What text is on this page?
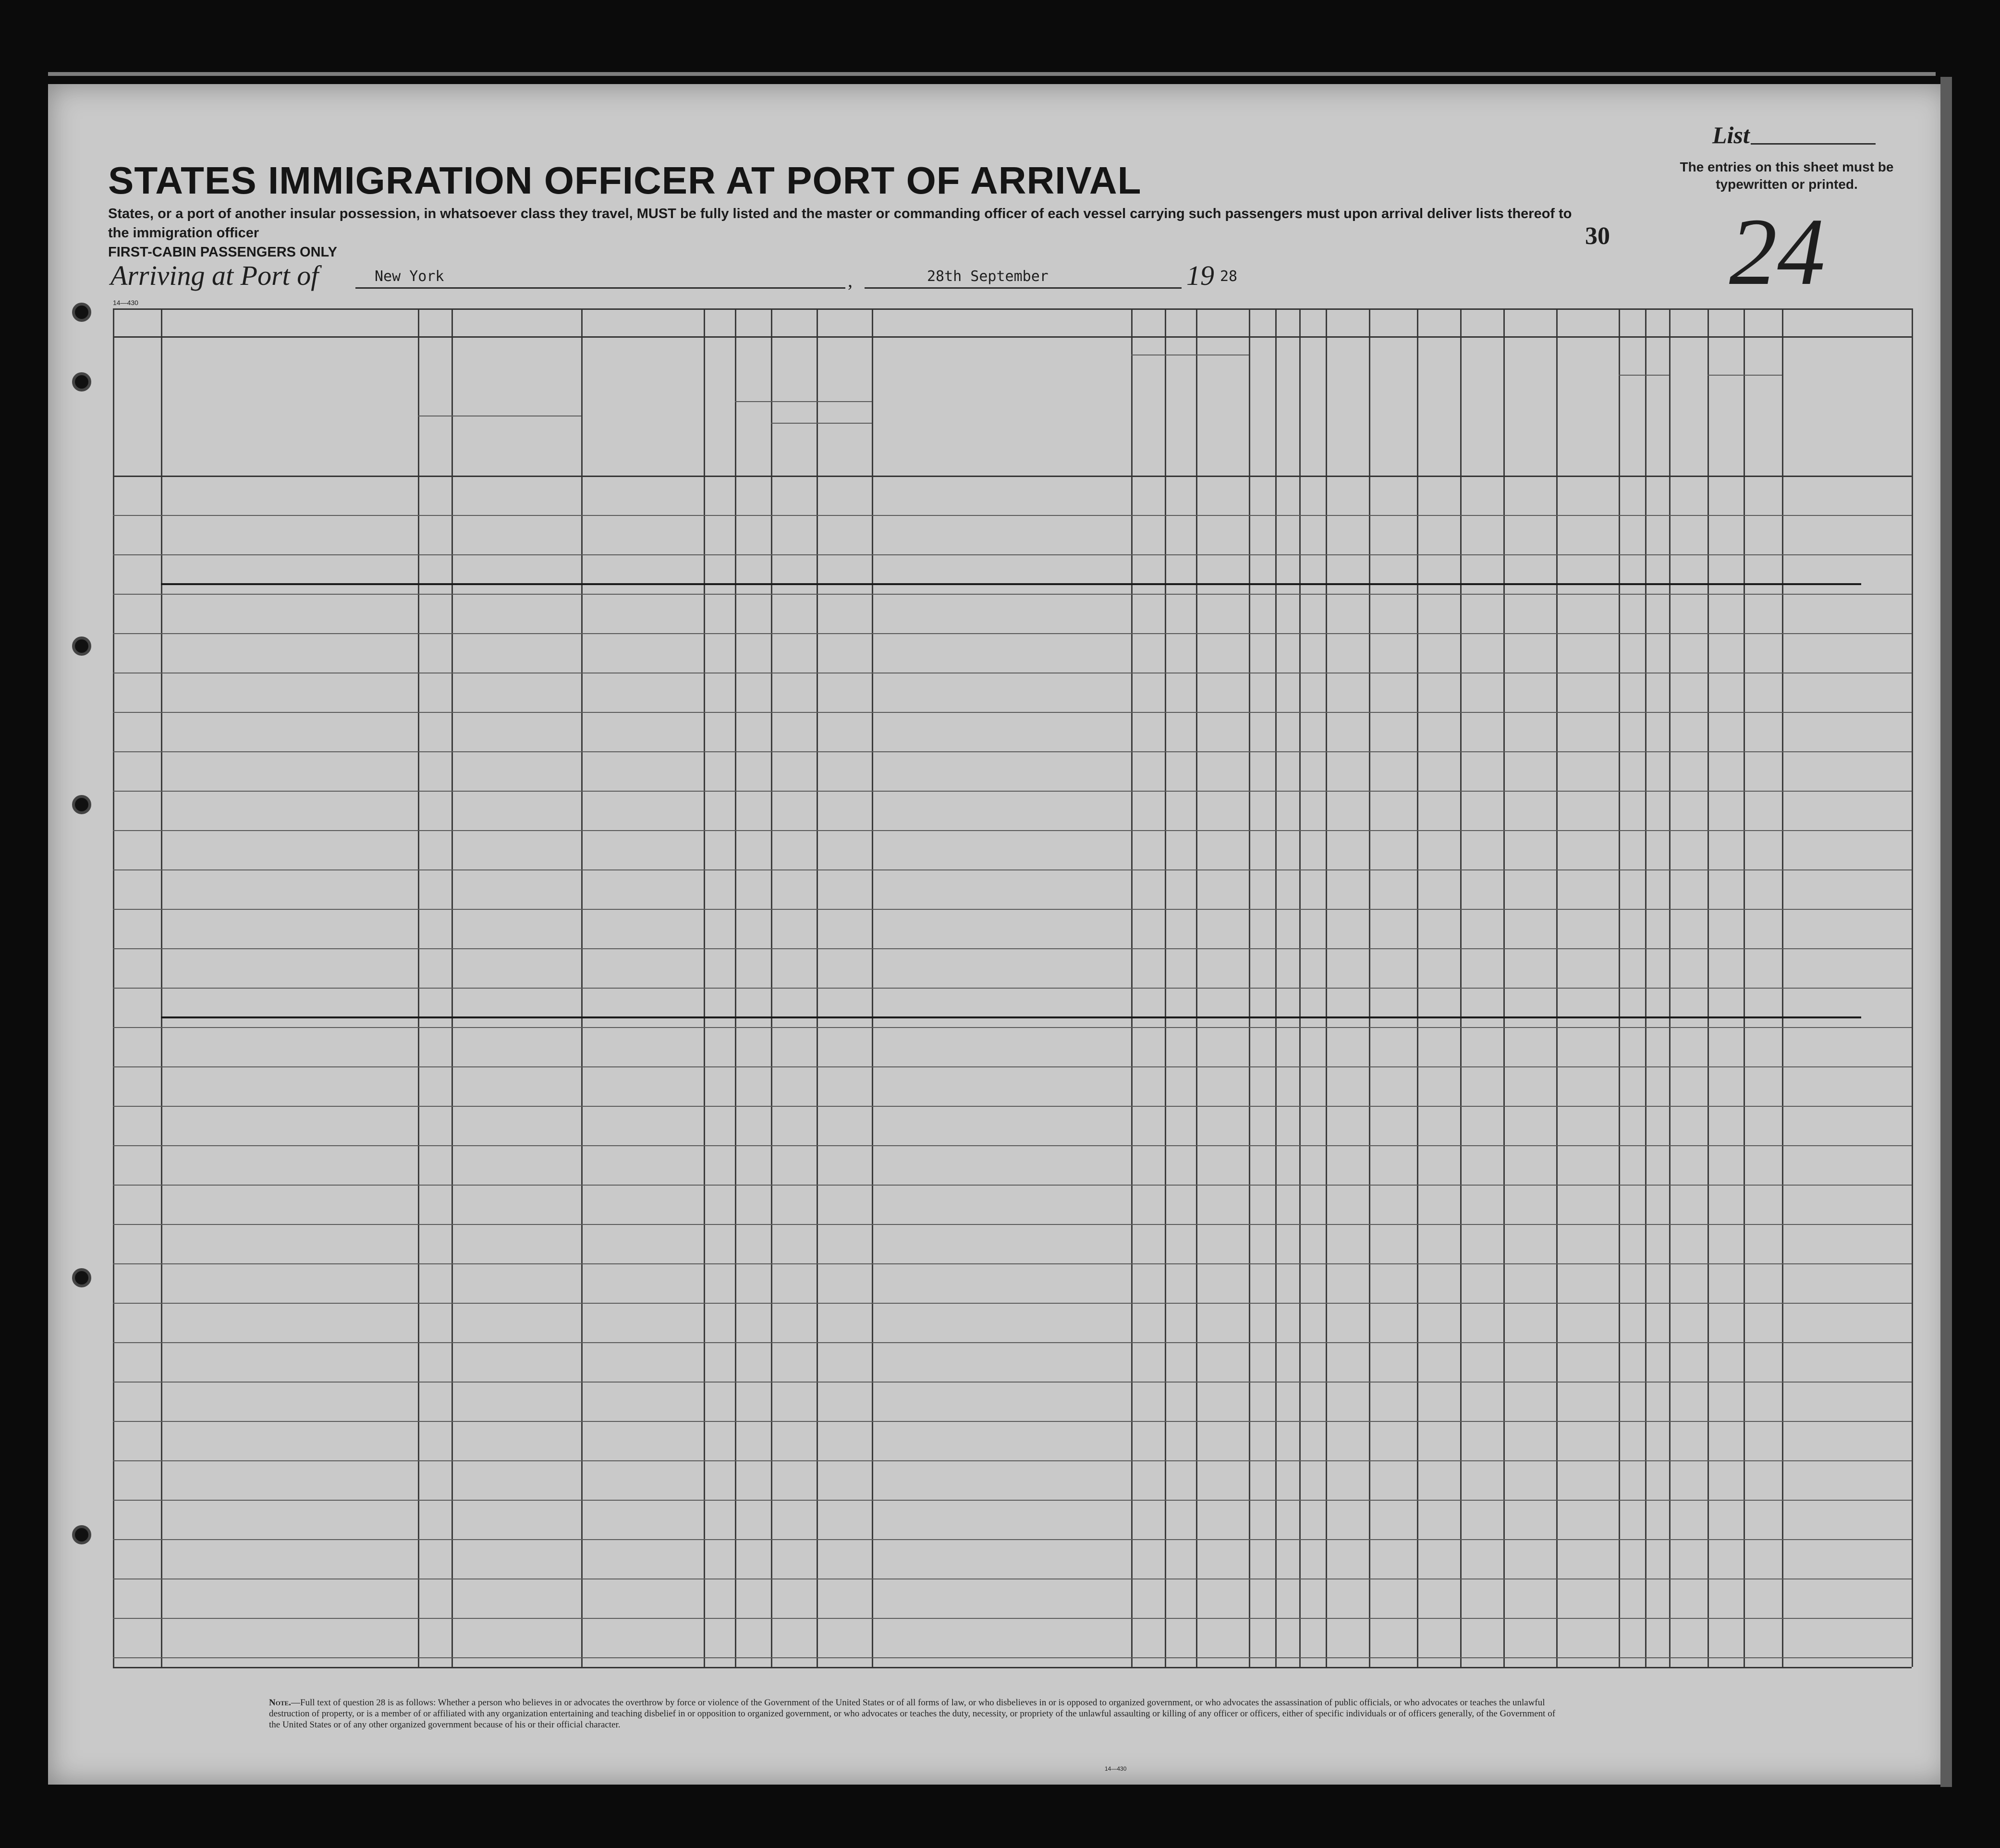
STATES IMMIGRATION OFFICER AT PORT OF ARRIVAL
States, or a port of another insular possession, in whatsoever class they travel, MUST be fully listed and the master or commanding officer of each vessel carrying such passengers must upon arrival deliver lists thereof to the immigration officer
FIRST-CABIN PASSENGERS ONLY
List
The entries on this sheet must be typewritten or printed.
30 24
Arriving at Port of	New York	,	28th September	19 28
14—430
Note.—Full text of question 28 is as follows: Whether a person who believes in or advocates the overthrow by force or violence of the Government of the United States or of all forms of law, or who disbelieves in or is opposed to organized government, or who advocates the assassination of public officials, or who advocates or teaches the unlawful destruction of property, or is a member of or affiliated with any organization entertaining and teaching disbelief in or opposition to organized government, or who advocates or teaches the duty, necessity, or propriety of the unlawful assaulting or killing of any officer or officers, either of specific individuals or of officers generally, of the Government of the United States or of any other organized government because of his or their official character.
14—430
